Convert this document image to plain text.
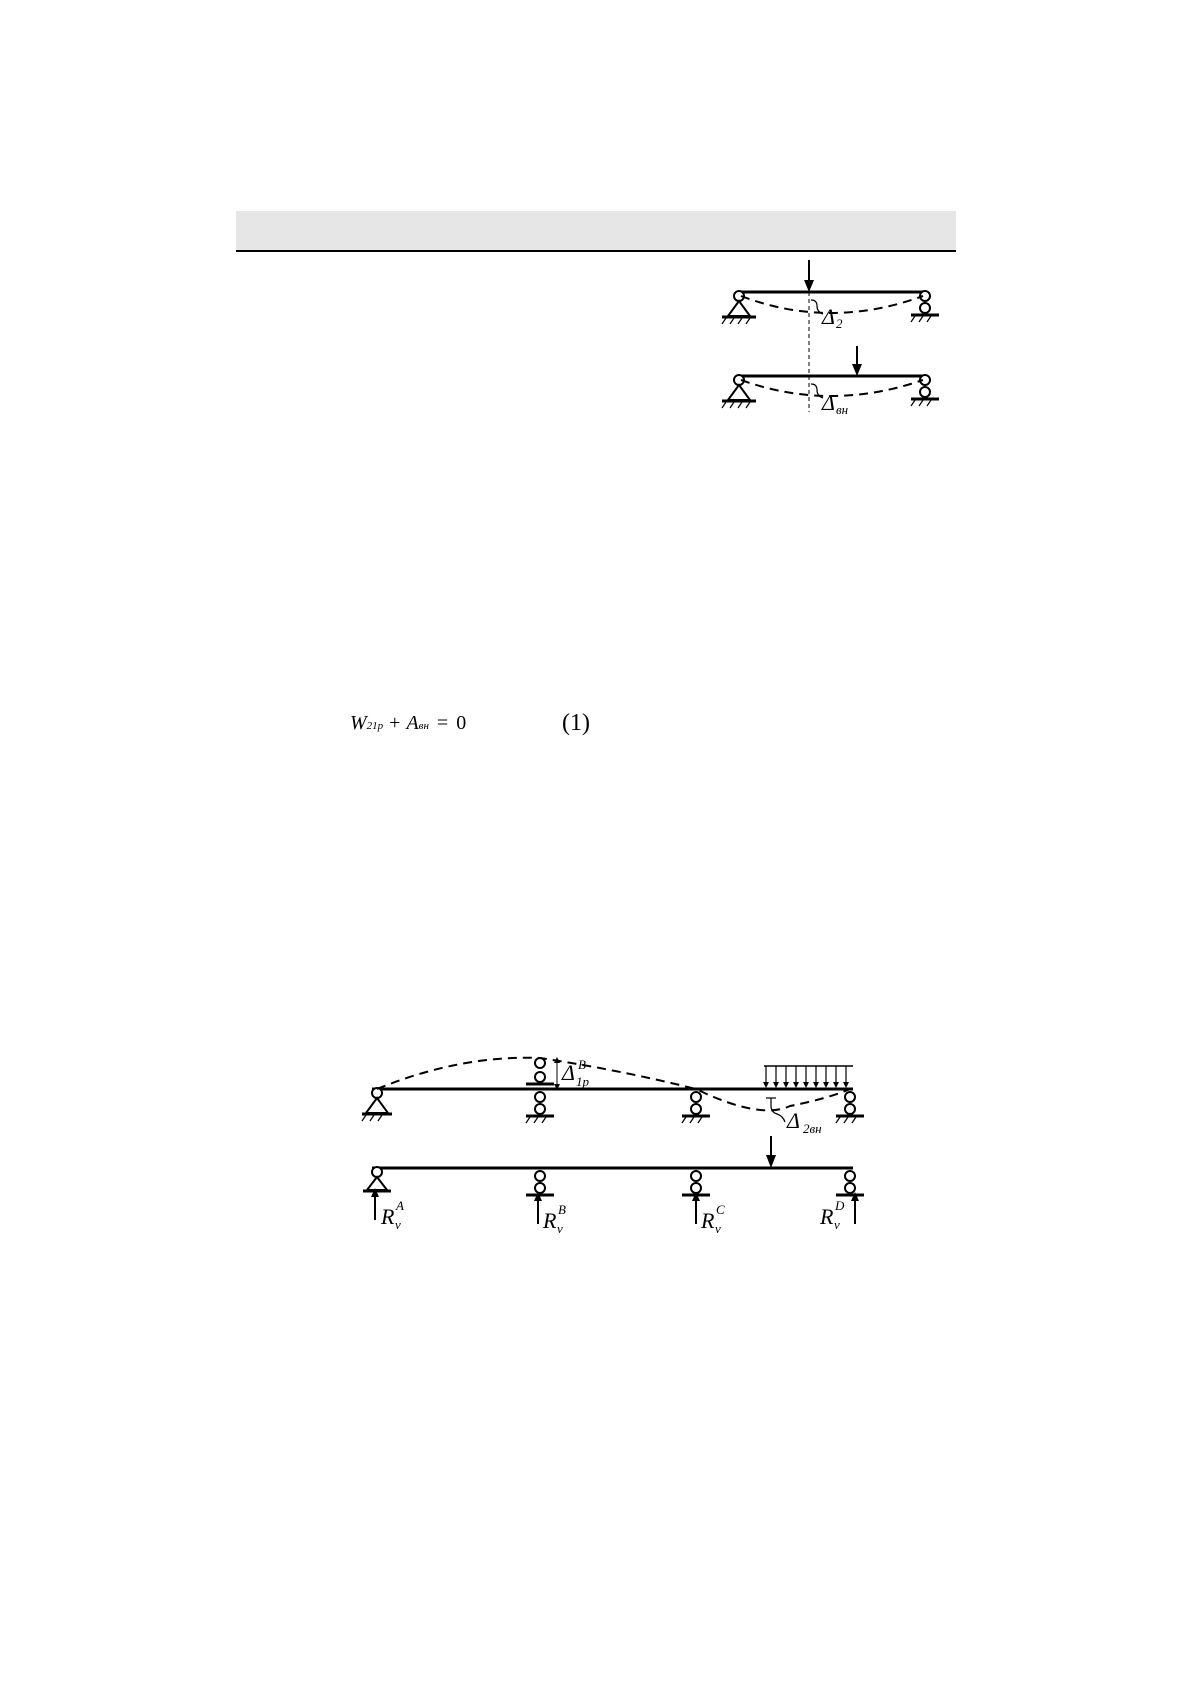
Δ 2
Δ вн
W 21p + A вн = 0	(1)
Δ B
1p
Δ 2вн
R A
v	R B
v	R C
v	R D
v
